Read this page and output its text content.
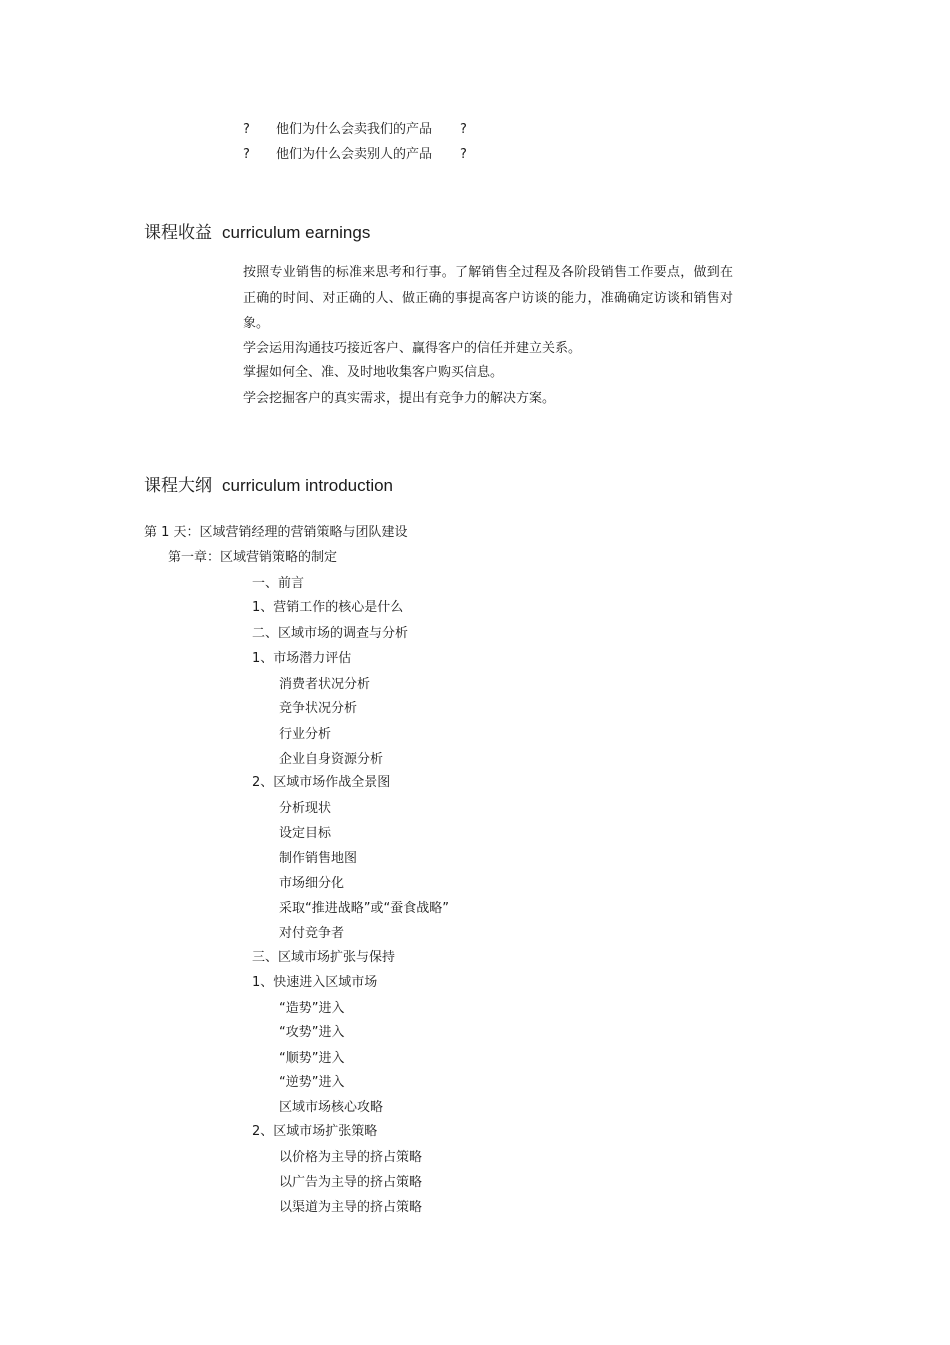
? 他们为什么会卖我们的产品 ?
? 他们为什么会卖别人的产品 ?
课程收益 curriculum earnings
按照专业销售的标准来思考和行事。了解销售全过程及各阶段销售工作要点，做到在正确的时间、对正确的人、做正确的事提高客户访谈的能力，准确确定访谈和销售对象。
学会运用沟通技巧接近客户、赢得客户的信任并建立关系。
掌握如何全、准、及时地收集客户购买信息。
学会挖掘客户的真实需求，提出有竞争力的解决方案。
课程大纲 curriculum introduction
第 1 天：区域营销经理的营销策略与团队建设
第一章：区域营销策略的制定
一、前言
1、营销工作的核心是什么
二、区域市场的调查与分析
1、市场潜力评估
消费者状况分析
竞争状况分析
行业分析
企业自身资源分析
2、区域市场作战全景图
分析现状
设定目标
制作销售地图
市场细分化
采取“推进战略”或“蚕食战略”
对付竞争者
三、区域市场扩张与保持
1、快速进入区域市场
“造势”进入
“攻势”进入
“顺势”进入
“逆势”进入
区域市场核心攻略
2、区域市场扩张策略
以价格为主导的挤占策略
以广告为主导的挤占策略
以渠道为主导的挤占策略
